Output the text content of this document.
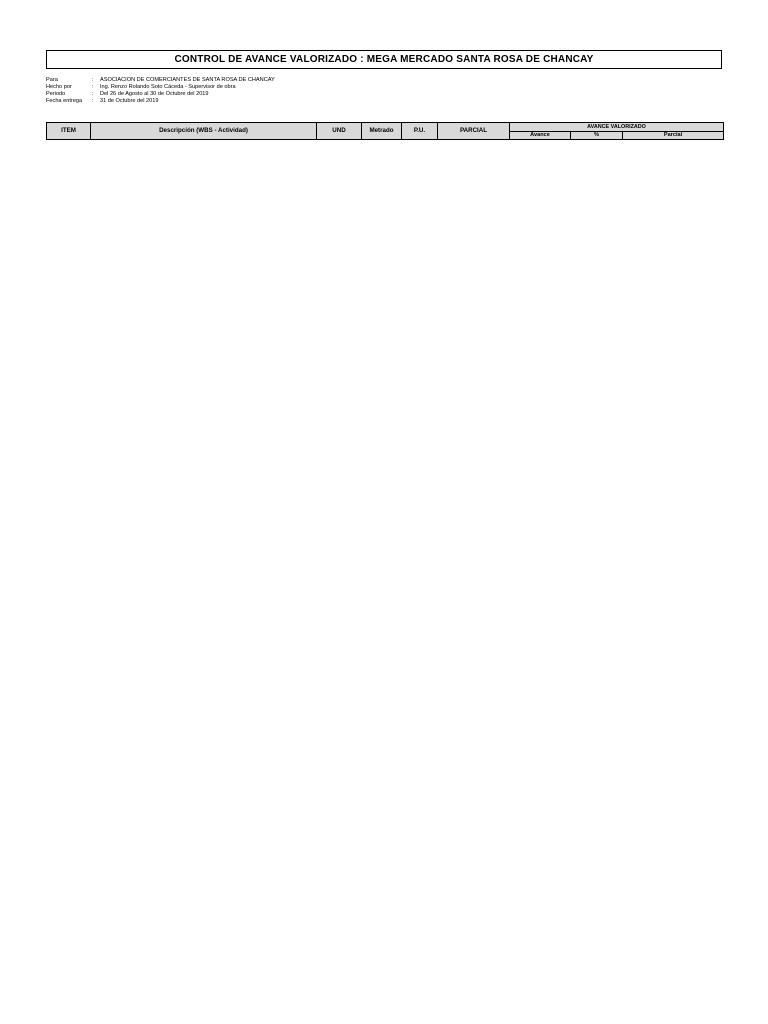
CONTROL DE AVANCE VALORIZADO : MEGA MERCADO SANTA ROSA DE CHANCAY
Para	:	ASOCIACION DE COMERCIANTES DE SANTA ROSA DE CHANCAY
Hecho por	:	Ing. Renzo Rolando Soto Cáceda - Supervisor de obra
Periodo	:	Del 26 de Agosto al 30 de Octubre del 2019
Fecha entrega	:	31 de Octubre del 2019
ITEM	Descripción (WBS - Actividad)	UND	Metrado	P.U.	PARCIAL	AVANCE VALORIZADO		
						Avance	%	Parcial
